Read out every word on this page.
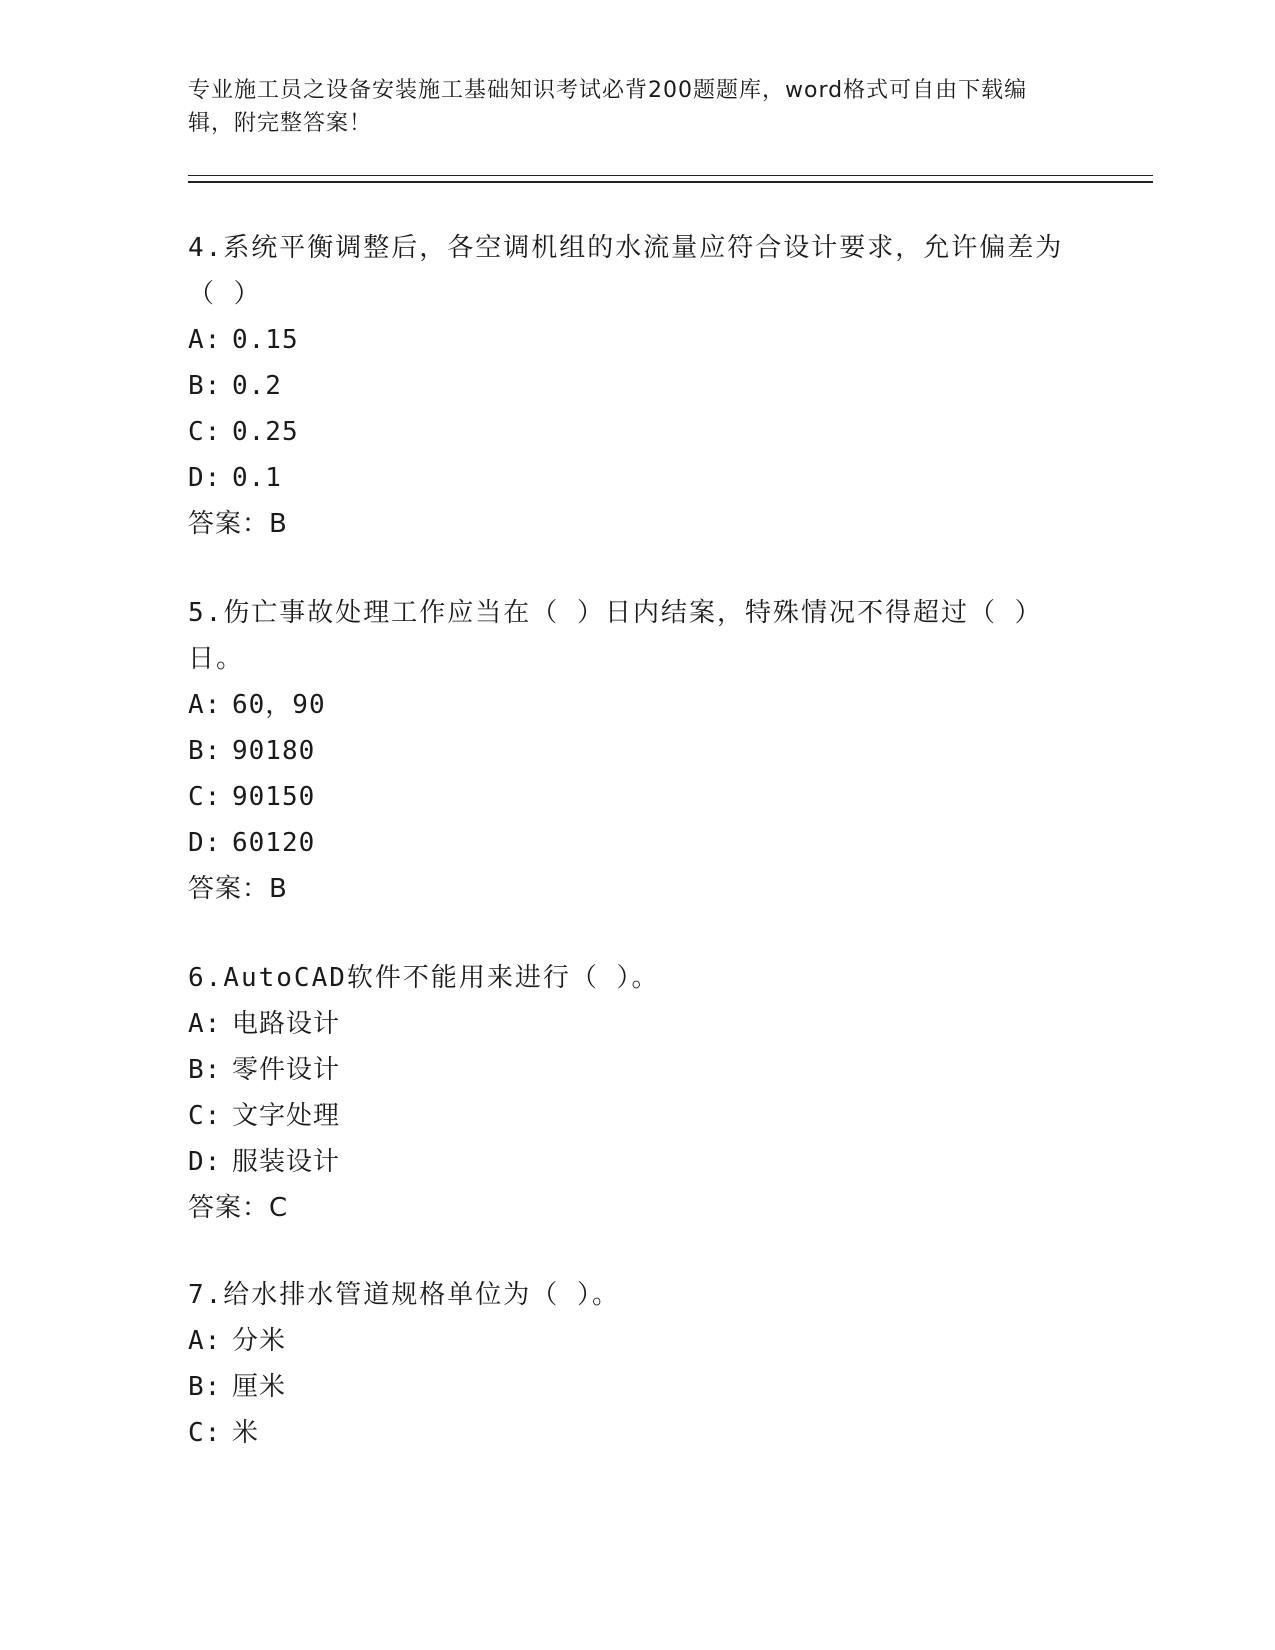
专业施工员之设备安装施工基础知识考试必背200题题库，word格式可自由下载编辑，附完整答案！

4.系统平衡调整后，各空调机组的水流量应符合设计要求，允许偏差为（ ）

A: 0.15

B: 0.2

C: 0.25

D: 0.1

答案：B

5.伤亡事故处理工作应当在（ ）日内结案，特殊情况不得超过（ ）日。

A: 60，90

B: 90180

C: 90150

D: 60120

答案：B

6.AutoCAD软件不能用来进行（ ）。

A: 电路设计

B: 零件设计

C: 文字处理

D: 服装设计

答案：C

7.给水排水管道规格单位为（ ）。

A: 分米

B: 厘米

C: 米
